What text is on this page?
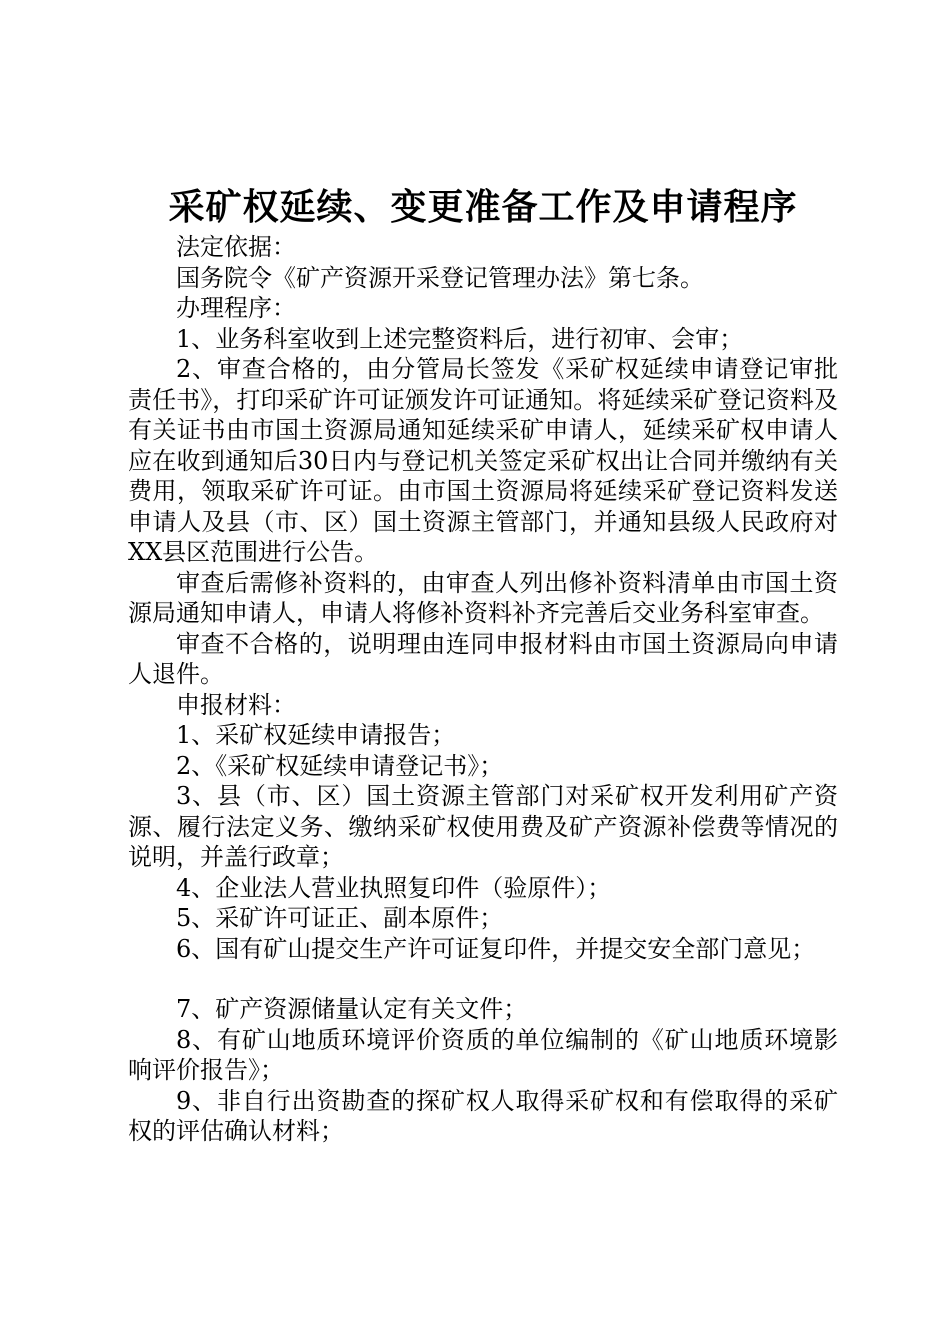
采矿权延续、变更准备工作及申请程序

法定依据：

国务院令《矿产资源开采登记管理办法》第七条。

办理程序：

1、业务科室收到上述完整资料后，进行初审、会审；

2、审查合格的，由分管局长签发《采矿权延续申请登记审批责任书》，打印采矿许可证颁发许可证通知。将延续采矿登记资料及有关证书由市国土资源局通知延续采矿申请人，延续采矿权申请人应在收到通知后30日内与登记机关签定采矿权出让合同并缴纳有关费用，领取采矿许可证。由市国土资源局将延续采矿登记资料发送申请人及县（市、区）国土资源主管部门，并通知县级人民政府对XX县区范围进行公告。

审查后需修补资料的，由审查人列出修补资料清单由市国土资源局通知申请人，申请人将修补资料补齐完善后交业务科室审查。

审查不合格的，说明理由连同申报材料由市国土资源局向申请人退件。

申报材料：

1、采矿权延续申请报告；

2、《采矿权延续申请登记书》；

3、县（市、区）国土资源主管部门对采矿权开发利用矿产资源、履行法定义务、缴纳采矿权使用费及矿产资源补偿费等情况的说明，并盖行政章；

4、企业法人营业执照复印件（验原件）；

5、采矿许可证正、副本原件；

6、国有矿山提交生产许可证复印件，并提交安全部门意见；

7、矿产资源储量认定有关文件；

8、有矿山地质环境评价资质的单位编制的《矿山地质环境影响评价报告》；

9、非自行出资勘查的探矿权人取得采矿权和有偿取得的采矿权的评估确认材料；
